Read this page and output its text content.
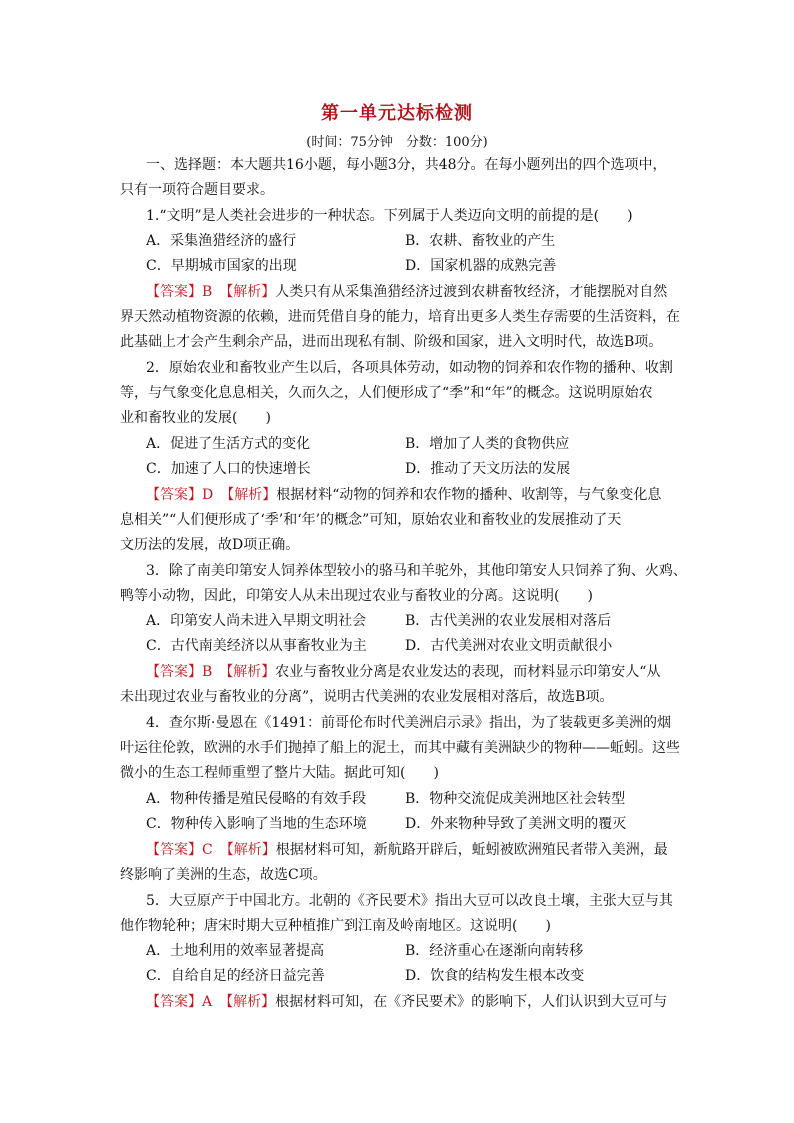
第一单元达标检测
(时间：75分钟　分数：100分)
一、选择题：本大题共16小题，每小题3分，共48分。在每小题列出的四个选项中，
只有一项符合题目要求。
1.“文明”是人类社会进步的一种状态。下列属于人类迈向文明的前提的是(　　)
A．采集渔猎经济的盛行	B．农耕、畜牧业的产生
C．早期城市国家的出现	D．国家机器的成熟完善
【答案】B　 【解析】人类只有从采集渔猎经济过渡到农耕畜牧经济，才能摆脱对自然
界天然动植物资源的依赖，进而凭借自身的能力，培育出更多人类生存需要的生活资料，在
此基础上才会产生剩余产品，进而出现私有制、阶级和国家，进入文明时代，故选B项。
2．原始农业和畜牧业产生以后，各项具体劳动，如动物的饲养和农作物的播种、收割
等，与气象变化息息相关，久而久之，人们便形成了“季”和“年”的概念。这说明原始农
业和畜牧业的发展(　　)
A．促进了生活方式的变化	B．增加了人类的食物供应
C．加速了人口的快速增长	D．推动了天文历法的发展
【答案】D　 【解析】根据材料“动物的饲养和农作物的播种、收割等，与气象变化息
息相关”“人们便形成了‘季’和‘年’的概念”可知，原始农业和畜牧业的发展推动了天
文历法的发展，故D项正确。
3．除了南美印第安人饲养体型较小的骆马和羊驼外，其他印第安人只饲养了狗、火鸡、
鸭等小动物，因此，印第安人从未出现过农业与畜牧业的分离。这说明(　　)
A．印第安人尚未进入早期文明社会	B．古代美洲的农业发展相对落后
C．古代南美经济以从事畜牧业为主	D．古代美洲对农业文明贡献很小
【答案】B　 【解析】农业与畜牧业分离是农业发达的表现，而材料显示印第安人“从
未出现过农业与畜牧业的分离”，说明古代美洲的农业发展相对落后，故选B项。
4．查尔斯·曼恩在《1491：前哥伦布时代美洲启示录》指出，为了装载更多美洲的烟
叶运往伦敦，欧洲的水手们抛掉了船上的泥土，而其中藏有美洲缺少的物种——蚯蚓。这些
微小的生态工程师重塑了整片大陆。据此可知(　　)
A．物种传播是殖民侵略的有效手段	B．物种交流促成美洲地区社会转型
C．物种传入影响了当地的生态环境	D．外来物种导致了美洲文明的覆灭
【答案】C　 【解析】根据材料可知，新航路开辟后，蚯蚓被欧洲殖民者带入美洲，最
终影响了美洲的生态，故选C项。
5．大豆原产于中国北方。北朝的《齐民要术》指出大豆可以改良土壤，主张大豆与其
他作物轮种；唐宋时期大豆种植推广到江南及岭南地区。这说明(　　)
A．土地利用的效率显著提高	B．经济重心在逐渐向南转移
C．自给自足的经济日益完善	D．饮食的结构发生根本改变
【答案】A　 【解析】根据材料可知，在《齐民要术》的影响下，人们认识到大豆可与
